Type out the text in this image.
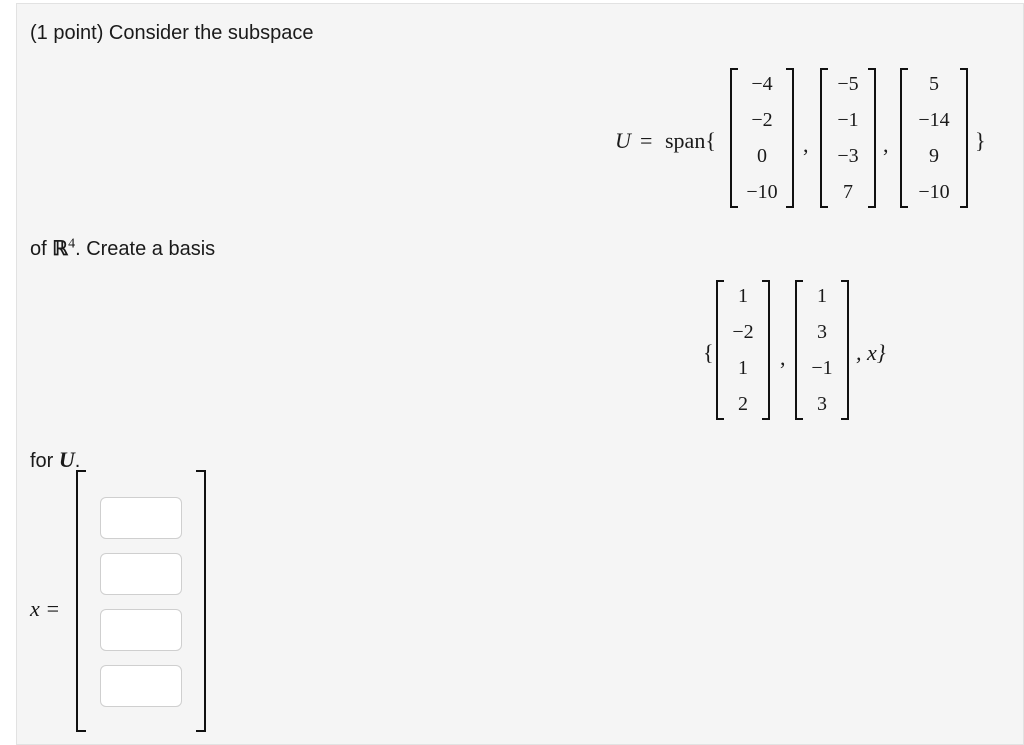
(1 point) Consider the subspace
U = span{
−4
−2
0
−10
,
−5
−1
−3
7
,
5
−14
9
−10
}
of ℝ$^4$. Create a basis
{
1
−2
1
2
,
1
3
−1
3
, x}
for U.
x =
